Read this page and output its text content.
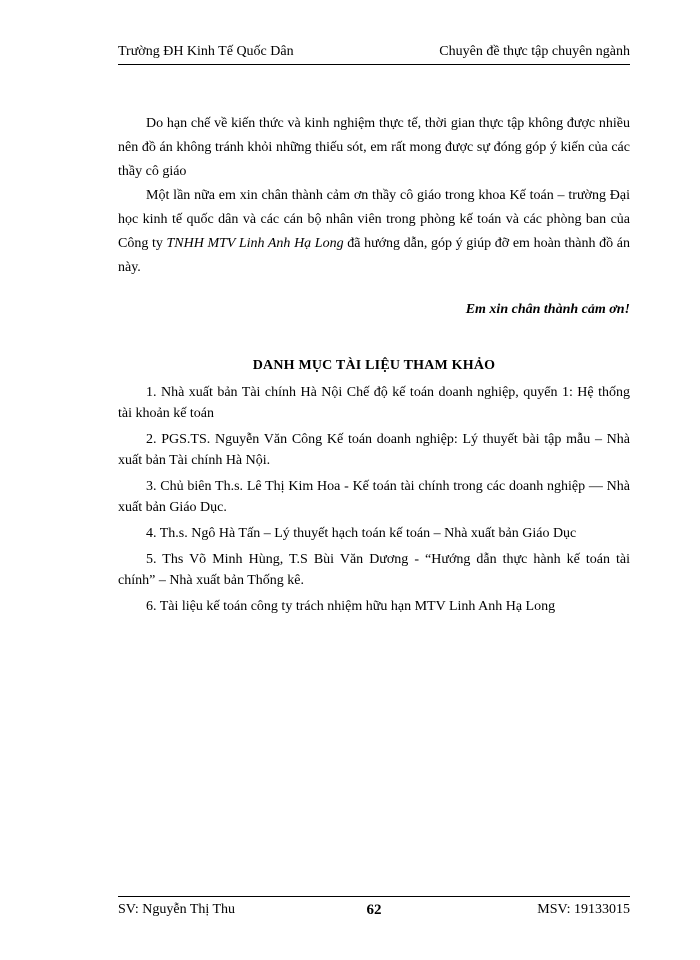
Trường ĐH Kinh Tế Quốc Dân	Chuyên đề thực tập chuyên ngành

Do hạn chế về kiến thức và kinh nghiệm thực tế, thời gian thực tập không được nhiều nên đồ án không tránh khỏi những thiếu sót, em rất mong được sự đóng góp ý kiến của các thầy cô giáo

Một lần nữa em xin chân thành cảm ơn thầy cô giáo trong khoa Kế toán – trường Đại học kinh tế quốc dân và các cán bộ nhân viên trong phòng kế toán và các phòng ban của Công ty TNHH MTV Linh Anh Hạ Long đã hướng dẫn, góp ý giúp đỡ em hoàn thành đồ án này.

Em xin chân thành cảm ơn!
DANH MỤC TÀI LIỆU THAM KHẢO

1. Nhà xuất bản Tài chính Hà Nội Chế độ kế toán doanh nghiệp, quyển 1: Hệ thống tài khoản kế toán

2. PGS.TS. Nguyễn Văn Công Kế toán doanh nghiệp: Lý thuyết bài tập mẫu – Nhà xuất bản Tài chính Hà Nội.

3. Chủ biên Th.s. Lê Thị Kim Hoa - Kế toán tài chính trong các doanh nghiệp — Nhà xuất bản Giáo Dục.

4. Th.s. Ngô Hà Tấn – Lý thuyết hạch toán kế toán – Nhà xuất bản Giáo Dục

5. Ths Võ Minh Hùng, T.S Bùi Văn Dương - “Hướng dẫn thực hành kế toán tài chính” – Nhà xuất bản Thống kê.

6. Tài liệu kế toán công ty trách nhiệm hữu hạn MTV Linh Anh Hạ Long

SV: Nguyễn Thị Thu	62	MSV: 19133015
